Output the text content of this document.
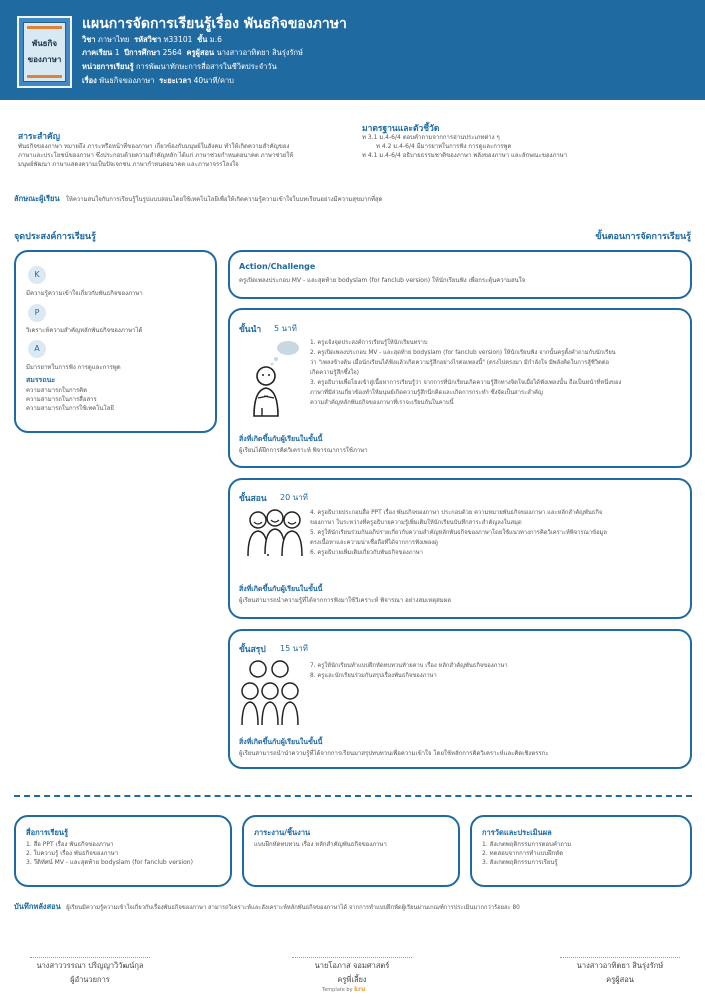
พันธกิจ
ของภาษา
แผนการจัดการเรียนรู้เรื่อง พันธกิจของภาษา
วิชา ภาษาไทย รหัสวิชา ท33101 ชั้น ม.6
ภาคเรียน 1 ปีการศึกษา 2564 ครูผู้สอน นางสาวอาทิตยา สินรุ่งรักษ์
หน่วยการเรียนรู้ การพัฒนาทักษะการสื่อสารในชีวิตประจำวัน
เรื่อง พันธกิจของภาษา ระยะเวลา 40นาที/คาบ
สาระสำคัญ
พันธกิจของภาษา หมายถึง ภาระหรือหน้าที่ของภาษา เกี่ยวข้องกับมนุษย์ในสังคม ทำให้เกิดความสำคัญของ
ภาษาและประโยชน์ของภาษา ซึ่งประกอบด้วยความสำคัญหลัก ได้แก่ ภาษาช่วยกำหนดอนาคต ภาษาช่วยให้
มนุษย์พัฒนา ภาษาแสดงความเป็นปัจเจกชน ภาษากำหนดอนาคต และภาษาจรรโลงใจ
มาตรฐานและตัวชี้วัด
ท 3.1 ม.4-6/4 ตอบคำถามจากการอ่านประเภทต่าง ๆ
ท 4.2 ม.4-6/4 มีมารยาทในการฟัง การดูและการพูด
ท 4.1 ม.4-6/4 อธิบายธรรมชาติของภาษา พลังของภาษา และลักษณะของภาษา
ลักษณะผู้เรียน ให้ความสนใจกับการเรียนรู้ในรูปแบบสอนโดยใช้เทคโนโลยีเพื่อให้เกิดความรู้ความเข้าใจในบทเรียนอย่างมีความสุขมากที่สุด
จุดประสงค์การเรียนรู้	ขั้นตอนการจัดการเรียนรู้
K
มีความรู้ความเข้าใจเกี่ยวกับพันธกิจของภาษา
P
วิเคราะห์ความสำคัญหลักพันธกิจของภาษาได้
A
มีมารยาทในการฟัง การดูและการพูด
สมรรถนะ
ความสามารถในการคิด
ความสามารถในการสื่อสาร
ความสามารถในการใช้เทคโนโลยี
Action/Challenge
ครูเปิดเพลงประกอบ MV - และสุดท้าย bodyslam (for fanclub version) ให้นักเรียนฟัง เพื่อกระตุ้นความสนใจ
ขั้นนำ 5 นาที
1. ครูแจ้งจุดประสงค์การเรียนรู้ให้นักเรียนทราบ
2. ครูเปิดเพลงประกอบ MV - และสุดท้าย bodyslam (for fanclub version) ให้นักเรียนฟัง จากนั้นครูตั้งคำถามกับนักเรียน
ว่า "เพลงข้างต้น เมื่อนักเรียนได้ฟังแล้วเกิดความรู้สึกอย่างไรต่อเพลงนี้" (ตรงไปตรงมา มีกำลังใจ มีพลังคิดในการสู้ชีวิตต่อ
เกิดความรู้สึกซึ้งใจ)
3. ครูอธิบายเพื่อโยงเข้าสู่เนื้อหาการเรียนรู้ว่า จากการที่นักเรียนเกิดความรู้สึกทางจิตใจเมื่อได้ฟังเพลงนั้น ถือเป็นหน้าที่หนึ่งของ
ภาษาที่มีส่วนเกี่ยวข้องทำให้มนุษย์เกิดความรู้สึกนึกคิดและเกิดการกระทำ ซึ่งจัดเป็นสาระสำคัญ
ความสำคัญหลักพันธกิจของภาษาที่เราจะเรียนกันในคาบนี้
สิ่งที่เกิดขึ้นกับผู้เรียนในขั้นนี้
ผู้เรียนได้ฝึกการคิดวิเคราะห์ พิจารณาการใช้ภาษา
ขั้นสอน 20 นาที
4. ครูอธิบายประกอบสื่อ PPT เรื่อง พันธกิจของภาษา ประกอบด้วย ความหมายพันธกิจของภาษา และหลักสำคัญพันธกิจ
ของภาษา ในระหว่างที่ครูอธิบายความรู้เพิ่มเติมให้นักเรียนบันทึกสาระสำคัญลงในสมุด
5. ครูให้นักเรียนร่วมกันอภิปรายเกี่ยวกับความสำคัญหลักพันธกิจของภาษาโดยใช้แนวทางการคิดวิเคราะห์พิจารณาข้อมูล
ตรงเนื้อหาและความน่าเชื่อถือที่ได้จากการฟังเพลงดู
6. ครูอธิบายเพิ่มเติมเกี่ยวกับพันธกิจของภาษา
สิ่งที่เกิดขึ้นกับผู้เรียนในขั้นนี้
ผู้เรียนสามารถนำความรู้ที่ได้จากการฟังมาใช้วิเคราะห์ พิจารณา อย่างสมเหตุสมผล
ขั้นสรุป 15 นาที
7. ครูให้นักเรียนทำแบบฝึกหัดทบทวนท้ายคาบ เรื่อง หลักสำคัญพันธกิจของภาษา
8. ครูและนักเรียนร่วมกันสรุปเรื่องพันธกิจของภาษา
สิ่งที่เกิดขึ้นกับผู้เรียนในขั้นนี้
ผู้เรียนสามารถนำนำความรู้ที่ได้จากการเรียนมาสรุปทบทวนเพื่อความเข้าใจ โดยใช้หลักการคิดวิเคราะห์และคิดเชิงตรรกะ
สื่อการเรียนรู้
1. สื่อ PPT เรื่อง พันธกิจของภาษา
2. ใบความรู้ เรื่อง พันธกิจของภาษา
3. วีดิทัศน์ MV - และสุดท้าย bodyslam (for fanclub version)
ภาระงาน/ชิ้นงาน
แบบฝึกหัดทบทวน เรื่อง หลักสำคัญพันธกิจของภาษา
การวัดและประเมินผล
1. สังเกตพฤติกรรมการตอบคำถาม
2. ทดสอบจากการทำแบบฝึกหัด
3. สังเกตพฤติกรรมการเรียนรู้
บันทึกหลังสอน ผู้เรียนมีความรู้ความเข้าใจเกี่ยวกับเรื่องพันธกิจของภาษา สามารถวิเคราะห์และสังเคราะห์หลักพันธกิจของภาษาได้ จากการทำแบบฝึกหัดผู้เรียนผ่านเกณฑ์การประเมินมากกว่าร้อยละ 80
นางสาววรรณา ปริญญาวิวัฒน์กุล
ผู้อำนวยการ
นายโอภาส จอมศาสตร์
ครูพี่เลี้ยง
Template by kru
นางสาวอาทิตยา สินรุ่งรักษ์
ครูผู้สอน
